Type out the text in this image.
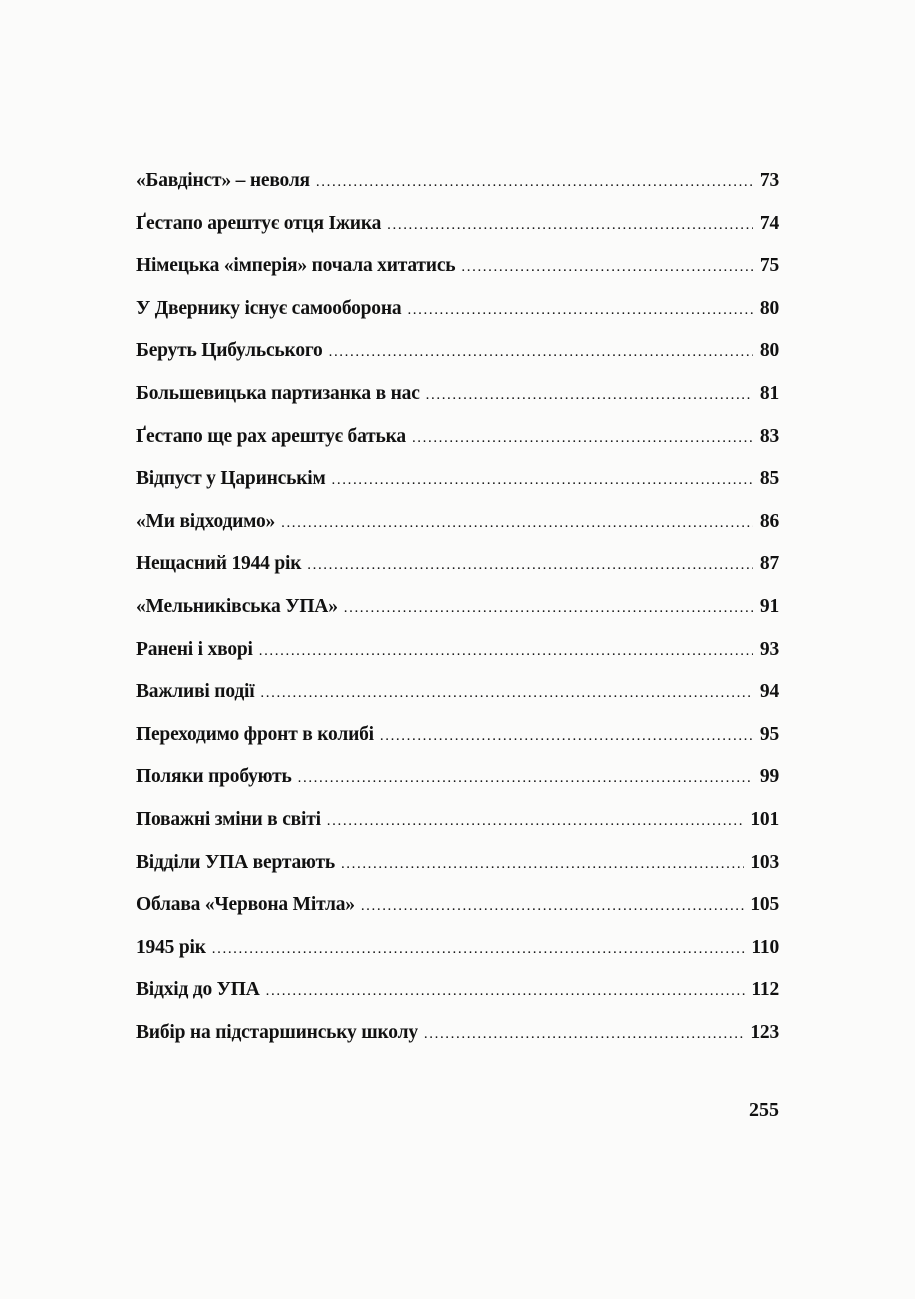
«Бавдінст» – неволя .....	73
Ґестапо арештує отця Іжика .....	74
Німецька «імперія» почала хитатись .....	75
У Двернику існує самооборона .....	80
Беруть Цибульського .....	80
Большевицька партизанка в нас .....	81
Ґестапо ще рах арештує батька .....	83
Відпуст у Царинськім .....	85
«Ми відходимо» .....	86
Нещасний 1944 рік .....	87
«Мельниківська УПА» .....	91
Ранені і хворі .....	93
Важливі події .....	94
Переходимо фронт в колибі .....	95
Поляки пробують .....	99
Поважні зміни в світі .....	101
Відділи УПА вертають .....	103
Облава «Червона Мітла» .....	105
1945 рік .....	110
Відхід до УПА .....	112
Вибір на підстаршинську школу .....	123
255
